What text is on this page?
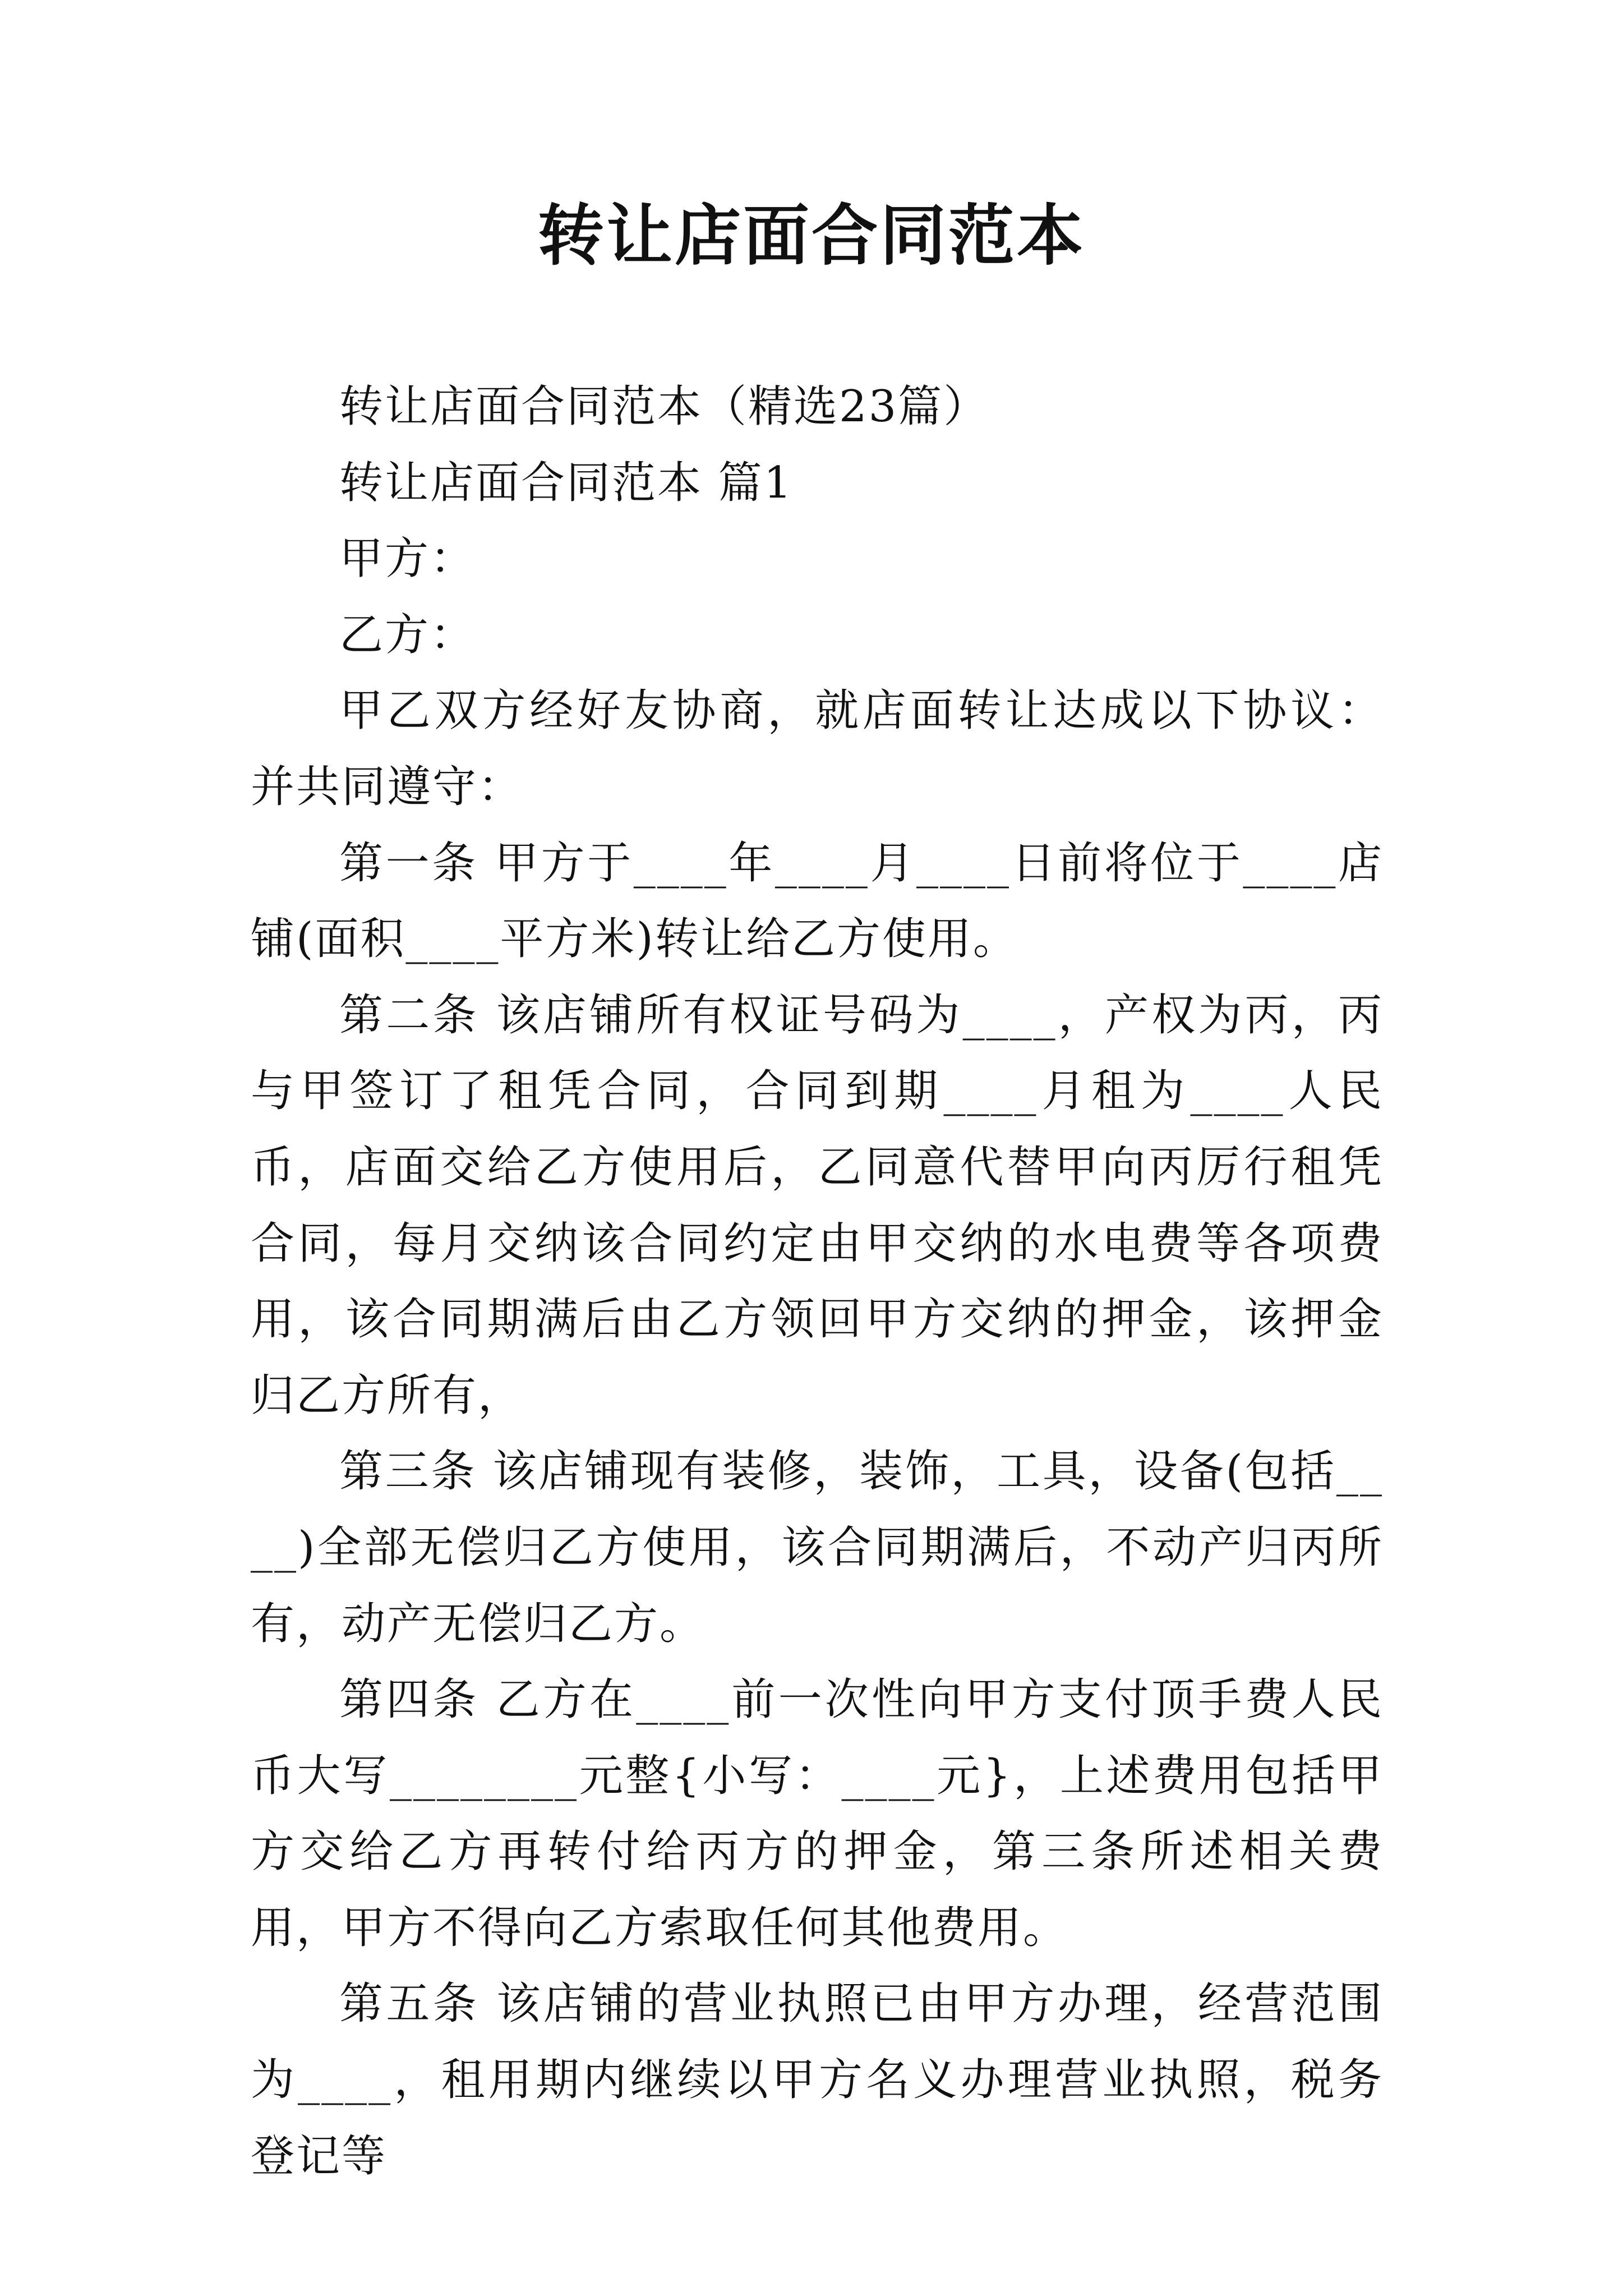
转让店面合同范本

转让店面合同范本（精选23篇）

转让店面合同范本 篇1

甲方：

乙方：

甲乙双方经好友协商，就店面转让达成以下协议：并共同遵守：

第一条 甲方于____年____月____日前将位于____店铺(面积____平方米)转让给乙方使用。

第二条 该店铺所有权证号码为____，产权为丙，丙与甲签订了租凭合同，合同到期____月租为____人民币，店面交给乙方使用后，乙同意代替甲向丙厉行租凭合同，每月交纳该合同约定由甲交纳的水电费等各项费用，该合同期满后由乙方领回甲方交纳的押金，该押金归乙方所有，

第三条 该店铺现有装修，装饰，工具，设备(包括____)全部无偿归乙方使用，该合同期满后，不动产归丙所有，动产无偿归乙方。

第四条 乙方在____前一次性向甲方支付顶手费人民币大写________元整{小写：____元}，上述费用包括甲方交给乙方再转付给丙方的押金，第三条所述相关费用，甲方不得向乙方索取任何其他费用。

第五条 该店铺的营业执照已由甲方办理，经营范围为____，租用期内继续以甲方名义办理营业执照，税务登记等
